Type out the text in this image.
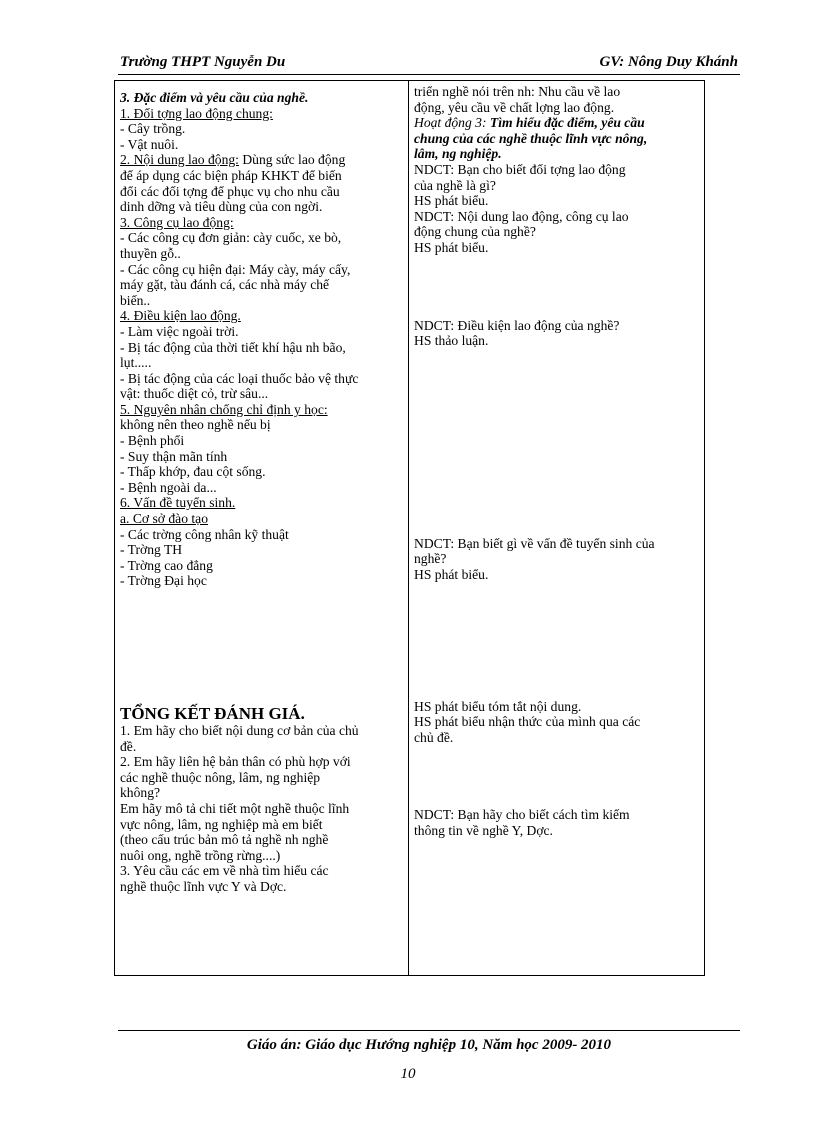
Trường THPT Nguyễn Du	GV: Nông Duy Khánh
3. Đặc điểm và yêu cầu của nghề.
1. Đối tợng lao động chung:
- Cây trồng.
- Vật nuôi.
2. Nội dung lao động: Dùng sức lao động
để áp dụng các biện pháp KHKT để biến
đổi các đối tợng để phục vụ cho nhu cầu
dinh dỡng và tiêu dùng của con ngời.
3. Công cụ lao động:
- Các công cụ đơn giản: cày cuốc, xe bò,
thuyền gỗ..
- Các công cụ hiện đại: Máy cày, máy cấy,
máy gặt, tàu đánh cá, các nhà máy chế
biến..
4. Điều kiện lao động.
- Làm việc ngoài trời.
- Bị tác động của thời tiết khí hậu nh bão,
lụt.....
- Bị tác động của các loại thuốc bảo vệ thực
vật: thuốc diệt cỏ, trừ sâu...
5. Nguyên nhân chống chỉ định y học:
không nên theo nghề nếu bị
- Bệnh phổi
- Suy thận mãn tính
- Thấp khớp, đau cột sống.
- Bệnh ngoài da...
6. Vấn đề tuyển sinh.
a. Cơ sở đào tạo
- Các trờng công nhân kỹ thuật
- Trờng TH
- Trờng cao đẳng
- Trờng Đại học
TỔNG KẾT ĐÁNH GIÁ.
1. Em hãy cho biết nội dung cơ bản của chủ
đề.
2. Em hãy liên hệ bản thân có phù hợp với
các nghề thuộc nông, lâm, ng nghiệp
không?
Em hãy mô tả chi tiết một nghề thuộc lĩnh
vực nông, lâm, ng nghiệp mà em biết
(theo cấu trúc bản mô tả nghề nh nghề
nuôi ong, nghề trồng rừng....)
3. Yêu cầu các em về nhà tìm hiểu các
nghề thuộc lĩnh vực Y và Dợc.

triển nghề nói trên nh: Nhu cầu về lao
động, yêu cầu về chất lợng lao động.
Hoạt động 3: Tìm hiểu đặc điểm, yêu cầu
chung của các nghề thuộc lĩnh vực nông,
lâm, ng nghiệp.
NDCT: Bạn cho biết đối tợng lao động
của nghề là gì?
HS phát biểu.
NDCT: Nội dung lao động, công cụ lao
động chung của nghề?
HS phát biểu.
NDCT: Điều kiện lao động của nghề?
HS thảo luận.
NDCT: Bạn biết gì về vấn đề tuyển sinh của
nghề?
HS phát biểu.
HS phát biểu tóm tắt nội dung.
HS phát biểu nhận thức của mình qua các
chủ đề.
NDCT: Bạn hãy cho biết cách tìm kiếm
thông tin về nghề Y, Dợc.
Giáo án: Giáo dục Hướng nghiệp 10, Năm học 2009- 2010
10
